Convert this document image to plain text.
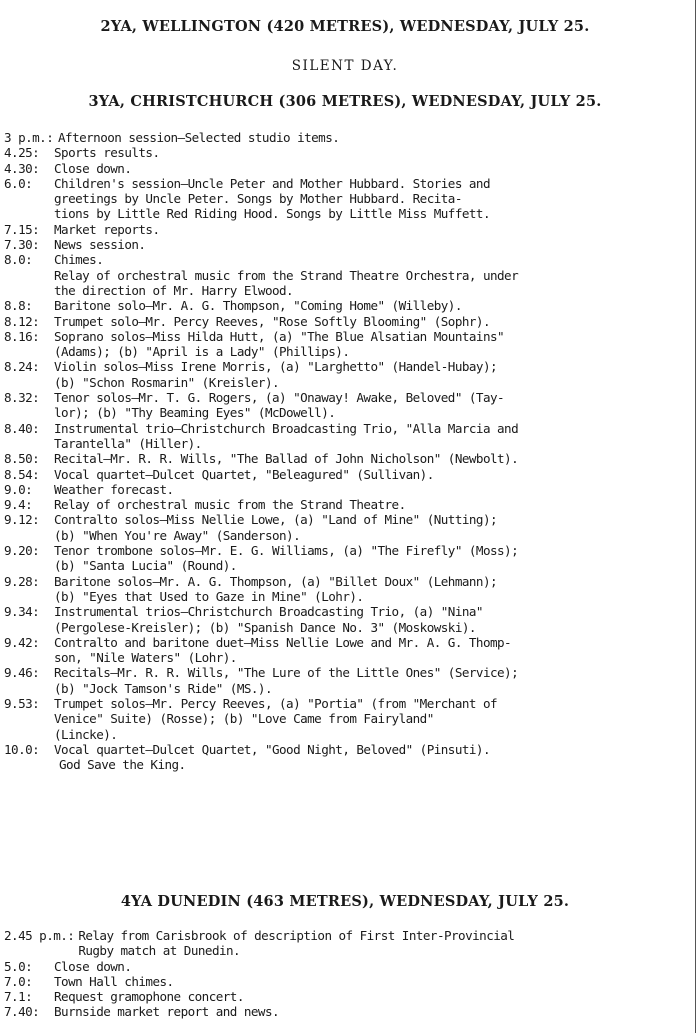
2YA, WELLINGTON (420 METRES), WEDNESDAY, JULY 25.
SILENT DAY.
3YA, CHRISTCHURCH (306 METRES), WEDNESDAY, JULY 25.
3 p.m.: Afternoon session—Selected studio items.
4.25:	Sports results.
4.30:	Close down.
6.0:	Children's session—Uncle Peter and Mother Hubbard. Stories and
greetings by Uncle Peter. Songs by Mother Hubbard. Recita-
tions by Little Red Riding Hood. Songs by Little Miss Muffett.
7.15:	Market reports.
7.30:	News session.
8.0:	Chimes.
Relay of orchestral music from the Strand Theatre Orchestra, under
the direction of Mr. Harry Elwood.
8.8:	Baritone solo—Mr. A. G. Thompson, "Coming Home" (Willeby).
8.12:	Trumpet solo—Mr. Percy Reeves, "Rose Softly Blooming" (Sophr).
8.16:	Soprano solos—Miss Hilda Hutt, (a) "The Blue Alsatian Mountains"
(Adams); (b) "April is a Lady" (Phillips).
8.24:	Violin solos—Miss Irene Morris, (a) "Larghetto" (Handel-Hubay);
(b) "Schon Rosmarin" (Kreisler).
8.32:	Tenor solos—Mr. T. G. Rogers, (a) "Onaway! Awake, Beloved" (Tay-
lor); (b) "Thy Beaming Eyes" (McDowell).
8.40:	Instrumental trio—Christchurch Broadcasting Trio, "Alla Marcia and
Tarantella" (Hiller).
8.50:	Recital—Mr. R. R. Wills, "The Ballad of John Nicholson" (Newbolt).
8.54:	Vocal quartet—Dulcet Quartet, "Beleagured" (Sullivan).
9.0:	Weather forecast.
9.4:	Relay of orchestral music from the Strand Theatre.
9.12:	Contralto solos—Miss Nellie Lowe, (a) "Land of Mine" (Nutting);
(b) "When You're Away" (Sanderson).
9.20:	Tenor trombone solos—Mr. E. G. Williams, (a) "The Firefly" (Moss);
(b) "Santa Lucia" (Round).
9.28:	Baritone solos—Mr. A. G. Thompson, (a) "Billet Doux" (Lehmann);
(b) "Eyes that Used to Gaze in Mine" (Lohr).
9.34:	Instrumental trios—Christchurch Broadcasting Trio, (a) "Nina"
(Pergolese-Kreisler); (b) "Spanish Dance No. 3" (Moskowski).
9.42:	Contralto and baritone duet—Miss Nellie Lowe and Mr. A. G. Thomp-
son, "Nile Waters" (Lohr).
9.46:	Recitals—Mr. R. R. Wills, "The Lure of the Little Ones" (Service);
(b) "Jock Tamson's Ride" (MS.).
9.53:	Trumpet solos—Mr. Percy Reeves, (a) "Portia" (from "Merchant of
Venice" Suite) (Rosse); (b) "Love Came from Fairyland"
(Lincke).
10.0:	Vocal quartet—Dulcet Quartet, "Good Night, Beloved" (Pinsuti).
God Save the King.
4YA DUNEDIN (463 METRES), WEDNESDAY, JULY 25.
2.45 p.m.: Relay from Carisbrook of description of First Inter-Provincial
Rugby match at Dunedin.
5.0:	Close down.
7.0:	Town Hall chimes.
7.1:	Request gramophone concert.
7.40:	Burnside market report and news.
